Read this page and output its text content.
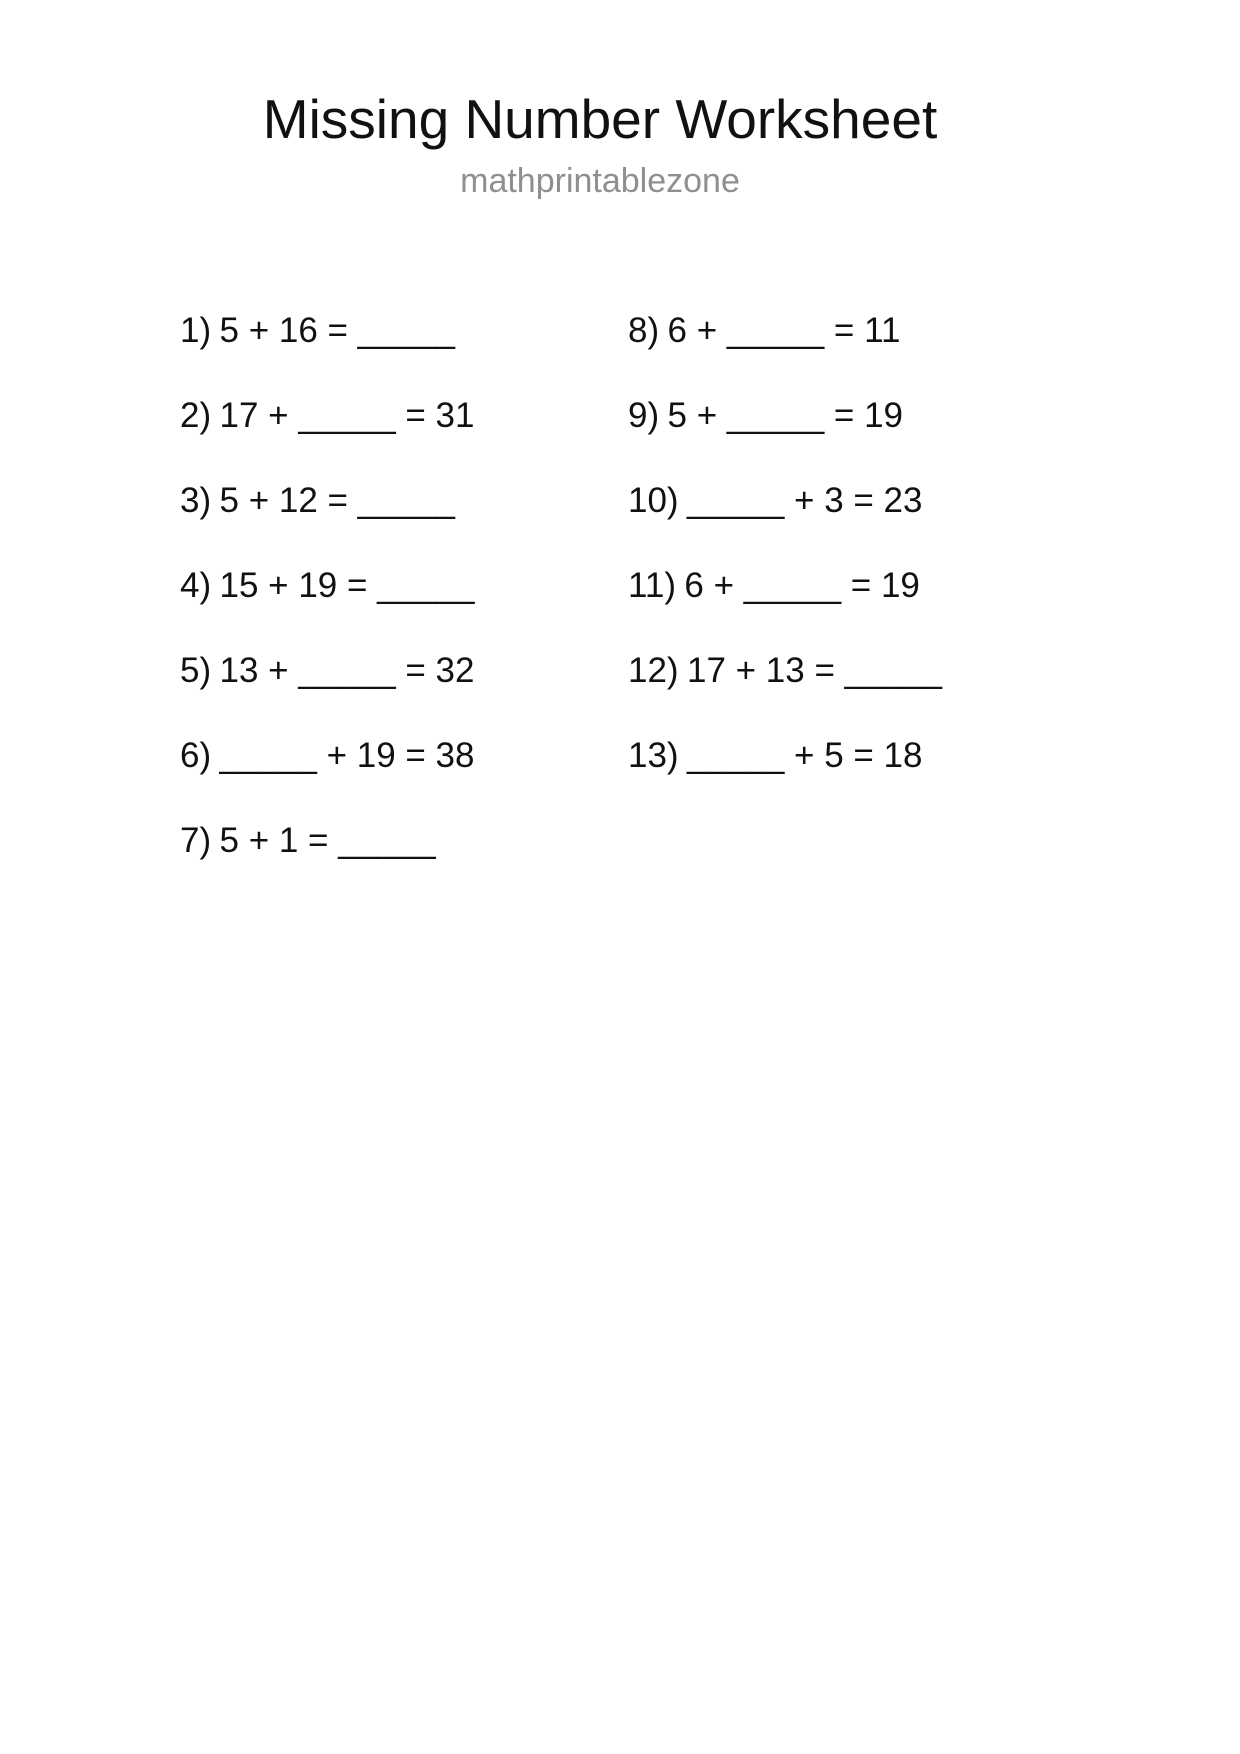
Missing Number Worksheet
mathprintablezone
1) 5 + 16 = _____
2) 17 + _____ = 31
3) 5 + 12 = _____
4) 15 + 19 = _____
5) 13 + _____ = 32
6) _____ + 19 = 38
7) 5 + 1 = _____
8) 6 + _____ = 11
9) 5 + _____ = 19
10) _____ + 3 = 23
11) 6 + _____ = 19
12) 17 + 13 = _____
13) _____ + 5 = 18
